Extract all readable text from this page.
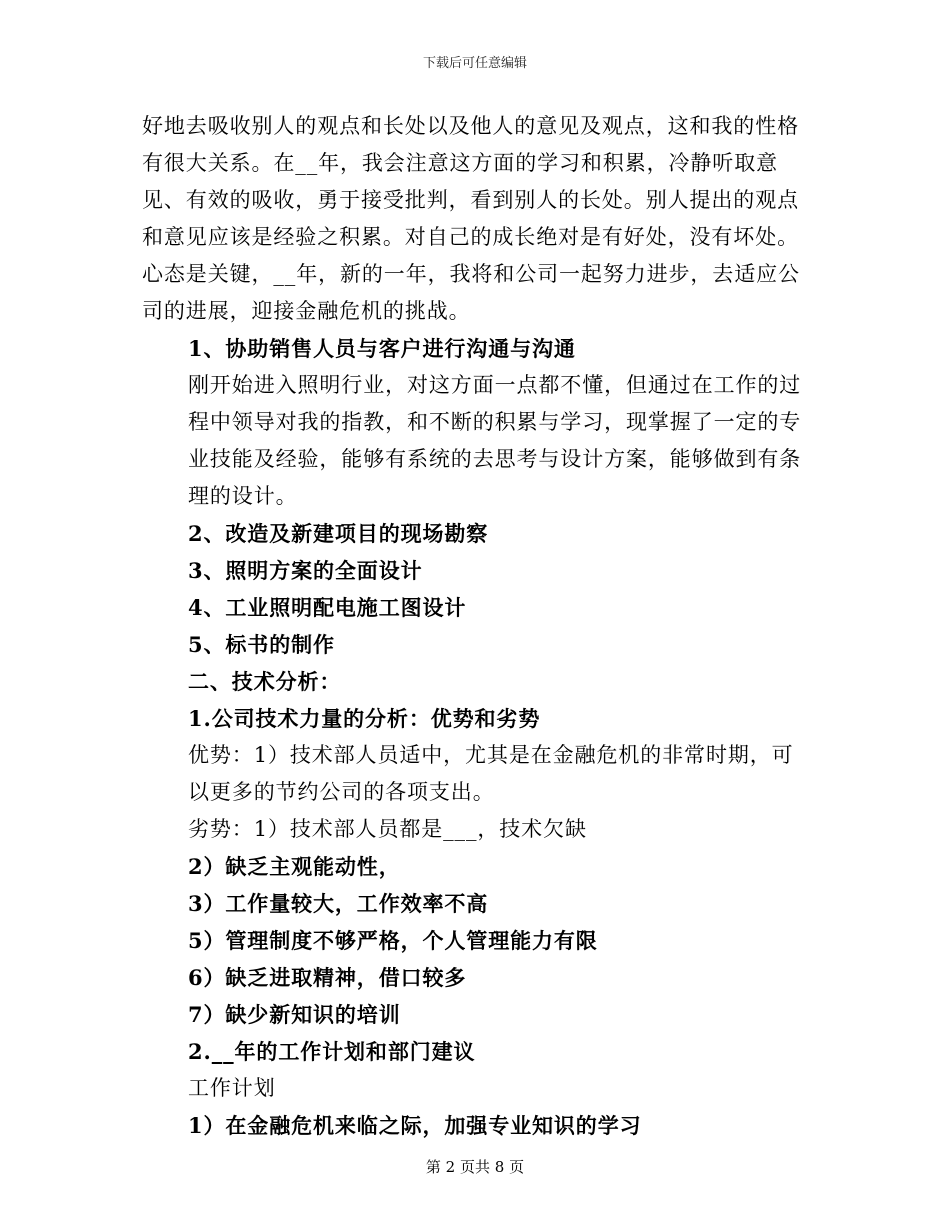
下载后可任意编辑

好地去吸收别人的观点和长处以及他人的意见及观点，这和我的性格有很大关系。在__年，我会注意这方面的学习和积累，冷静听取意见、有效的吸收，勇于接受批判，看到别人的长处。别人提出的观点和意见应该是经验之积累。对自己的成长绝对是有好处，没有坏处。心态是关键，__年，新的一年，我将和公司一起努力进步，去适应公司的进展，迎接金融危机的挑战。

1、协助销售人员与客户进行沟通与沟通

刚开始进入照明行业，对这方面一点都不懂，但通过在工作的过程中领导对我的指教，和不断的积累与学习，现掌握了一定的专业技能及经验，能够有系统的去思考与设计方案，能够做到有条理的设计。

2、改造及新建项目的现场勘察

3、照明方案的全面设计

4、工业照明配电施工图设计

5、标书的制作

二、技术分析：

1.公司技术力量的分析：优势和劣势

优势：1）技术部人员适中，尤其是在金融危机的非常时期，可以更多的节约公司的各项支出。

劣势：1）技术部人员都是___，技术欠缺

2）缺乏主观能动性，

3）工作量较大，工作效率不高

5）管理制度不够严格，个人管理能力有限

6）缺乏进取精神，借口较多

7）缺少新知识的培训

2.__年的工作计划和部门建议

工作计划

1）在金融危机来临之际，加强专业知识的学习

第 2 页共 8 页
